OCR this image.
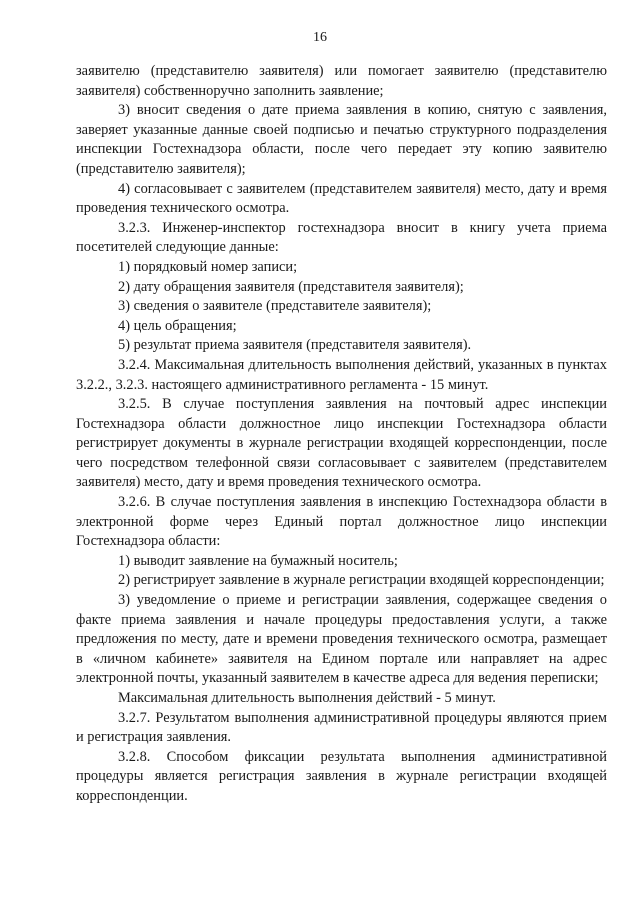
16

заявителю (представителю заявителя) или помогает заявителю (представителю заявителя) собственноручно заполнить заявление;

3) вносит сведения о дате приема заявления в копию, снятую с заявления, заверяет указанные данные своей подписью и печатью структурного подразделения инспекции Гостехнадзора области, после чего передает эту копию заявителю (представителю заявителя);

4) согласовывает с заявителем (представителем заявителя) место, дату и время проведения технического осмотра.

3.2.3. Инженер-инспектор гостехнадзора вносит в книгу учета приема посетителей следующие данные:

1) порядковый номер записи;

2) дату обращения заявителя (представителя заявителя);

3) сведения о заявителе (представителе заявителя);

4) цель обращения;

5) результат приема заявителя (представителя заявителя).

3.2.4. Максимальная длительность выполнения действий, указанных в пунктах 3.2.2., 3.2.3. настоящего административного регламента - 15 минут.

3.2.5. В случае поступления заявления на почтовый адрес инспекции Гостехнадзора области должностное лицо инспекции Гостехнадзора области регистрирует документы в журнале регистрации входящей корреспонденции, после чего посредством телефонной связи согласовывает с заявителем (представителем заявителя) место, дату и время проведения технического осмотра.

3.2.6. В случае поступления заявления в инспекцию Гостехнадзора области в электронной форме через Единый портал должностное лицо инспекции Гостехнадзора области:

1) выводит заявление на бумажный носитель;

2) регистрирует заявление в журнале регистрации входящей корреспонденции;

3) уведомление о приеме и регистрации заявления, содержащее сведения о факте приема заявления и начале процедуры предоставления услуги, а также предложения по месту, дате и времени проведения технического осмотра, размещает в «личном кабинете» заявителя на Едином портале или направляет на адрес электронной почты, указанный заявителем в качестве адреса для ведения переписки;

Максимальная длительность выполнения действий - 5 минут.

3.2.7. Результатом выполнения административной процедуры являются прием и регистрация заявления.

3.2.8. Способом фиксации результата выполнения административной процедуры является регистрация заявления в журнале регистрации входящей корреспонденции.
